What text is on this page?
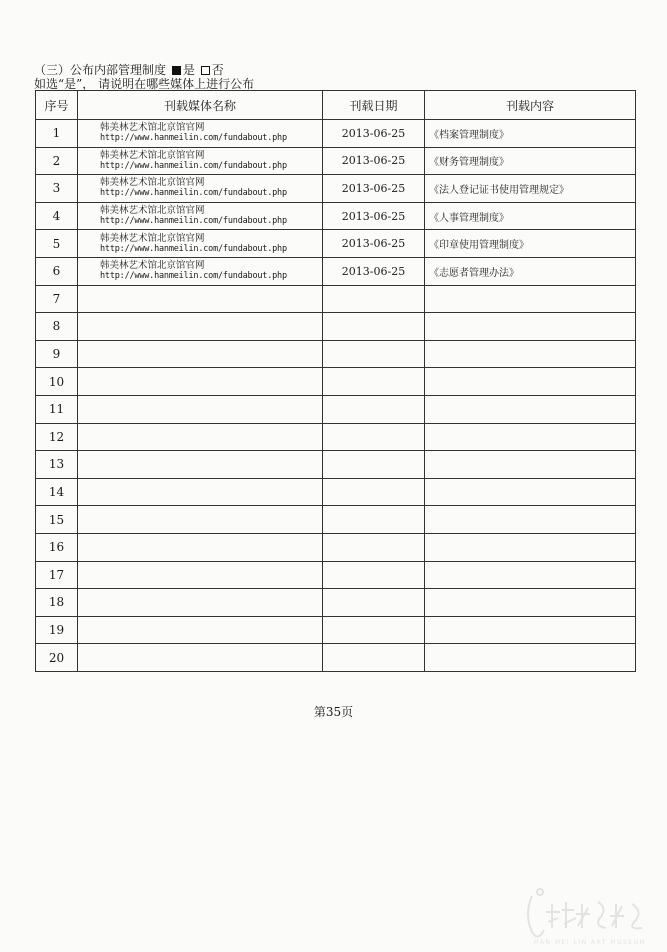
（三）公布内部管理制度 是 否
如选“是”， 请说明在哪些媒体上进行公布
序号	刊载媒体名称	刊载日期	刊载内容
1	韩美林艺术馆北京馆官网
http://www.hanmeilin.com/fundabout.php	2013-06-25	《档案管理制度》
2	韩美林艺术馆北京馆官网
http://www.hanmeilin.com/fundabout.php	2013-06-25	《财务管理制度》
3	韩美林艺术馆北京馆官网
http://www.hanmeilin.com/fundabout.php	2013-06-25	《法人登记证书使用管理规定》
4	韩美林艺术馆北京馆官网
http://www.hanmeilin.com/fundabout.php	2013-06-25	《人事管理制度》
5	韩美林艺术馆北京馆官网
http://www.hanmeilin.com/fundabout.php	2013-06-25	《印章使用管理制度》
6	韩美林艺术馆北京馆官网
http://www.hanmeilin.com/fundabout.php	2013-06-25	《志愿者管理办法》
7	

8	

9	

10	

11	

12	

13	

14	

15	

16	

17	

18	

19	

20	

第35页
HAN MEI LIN ART MUSEUM
